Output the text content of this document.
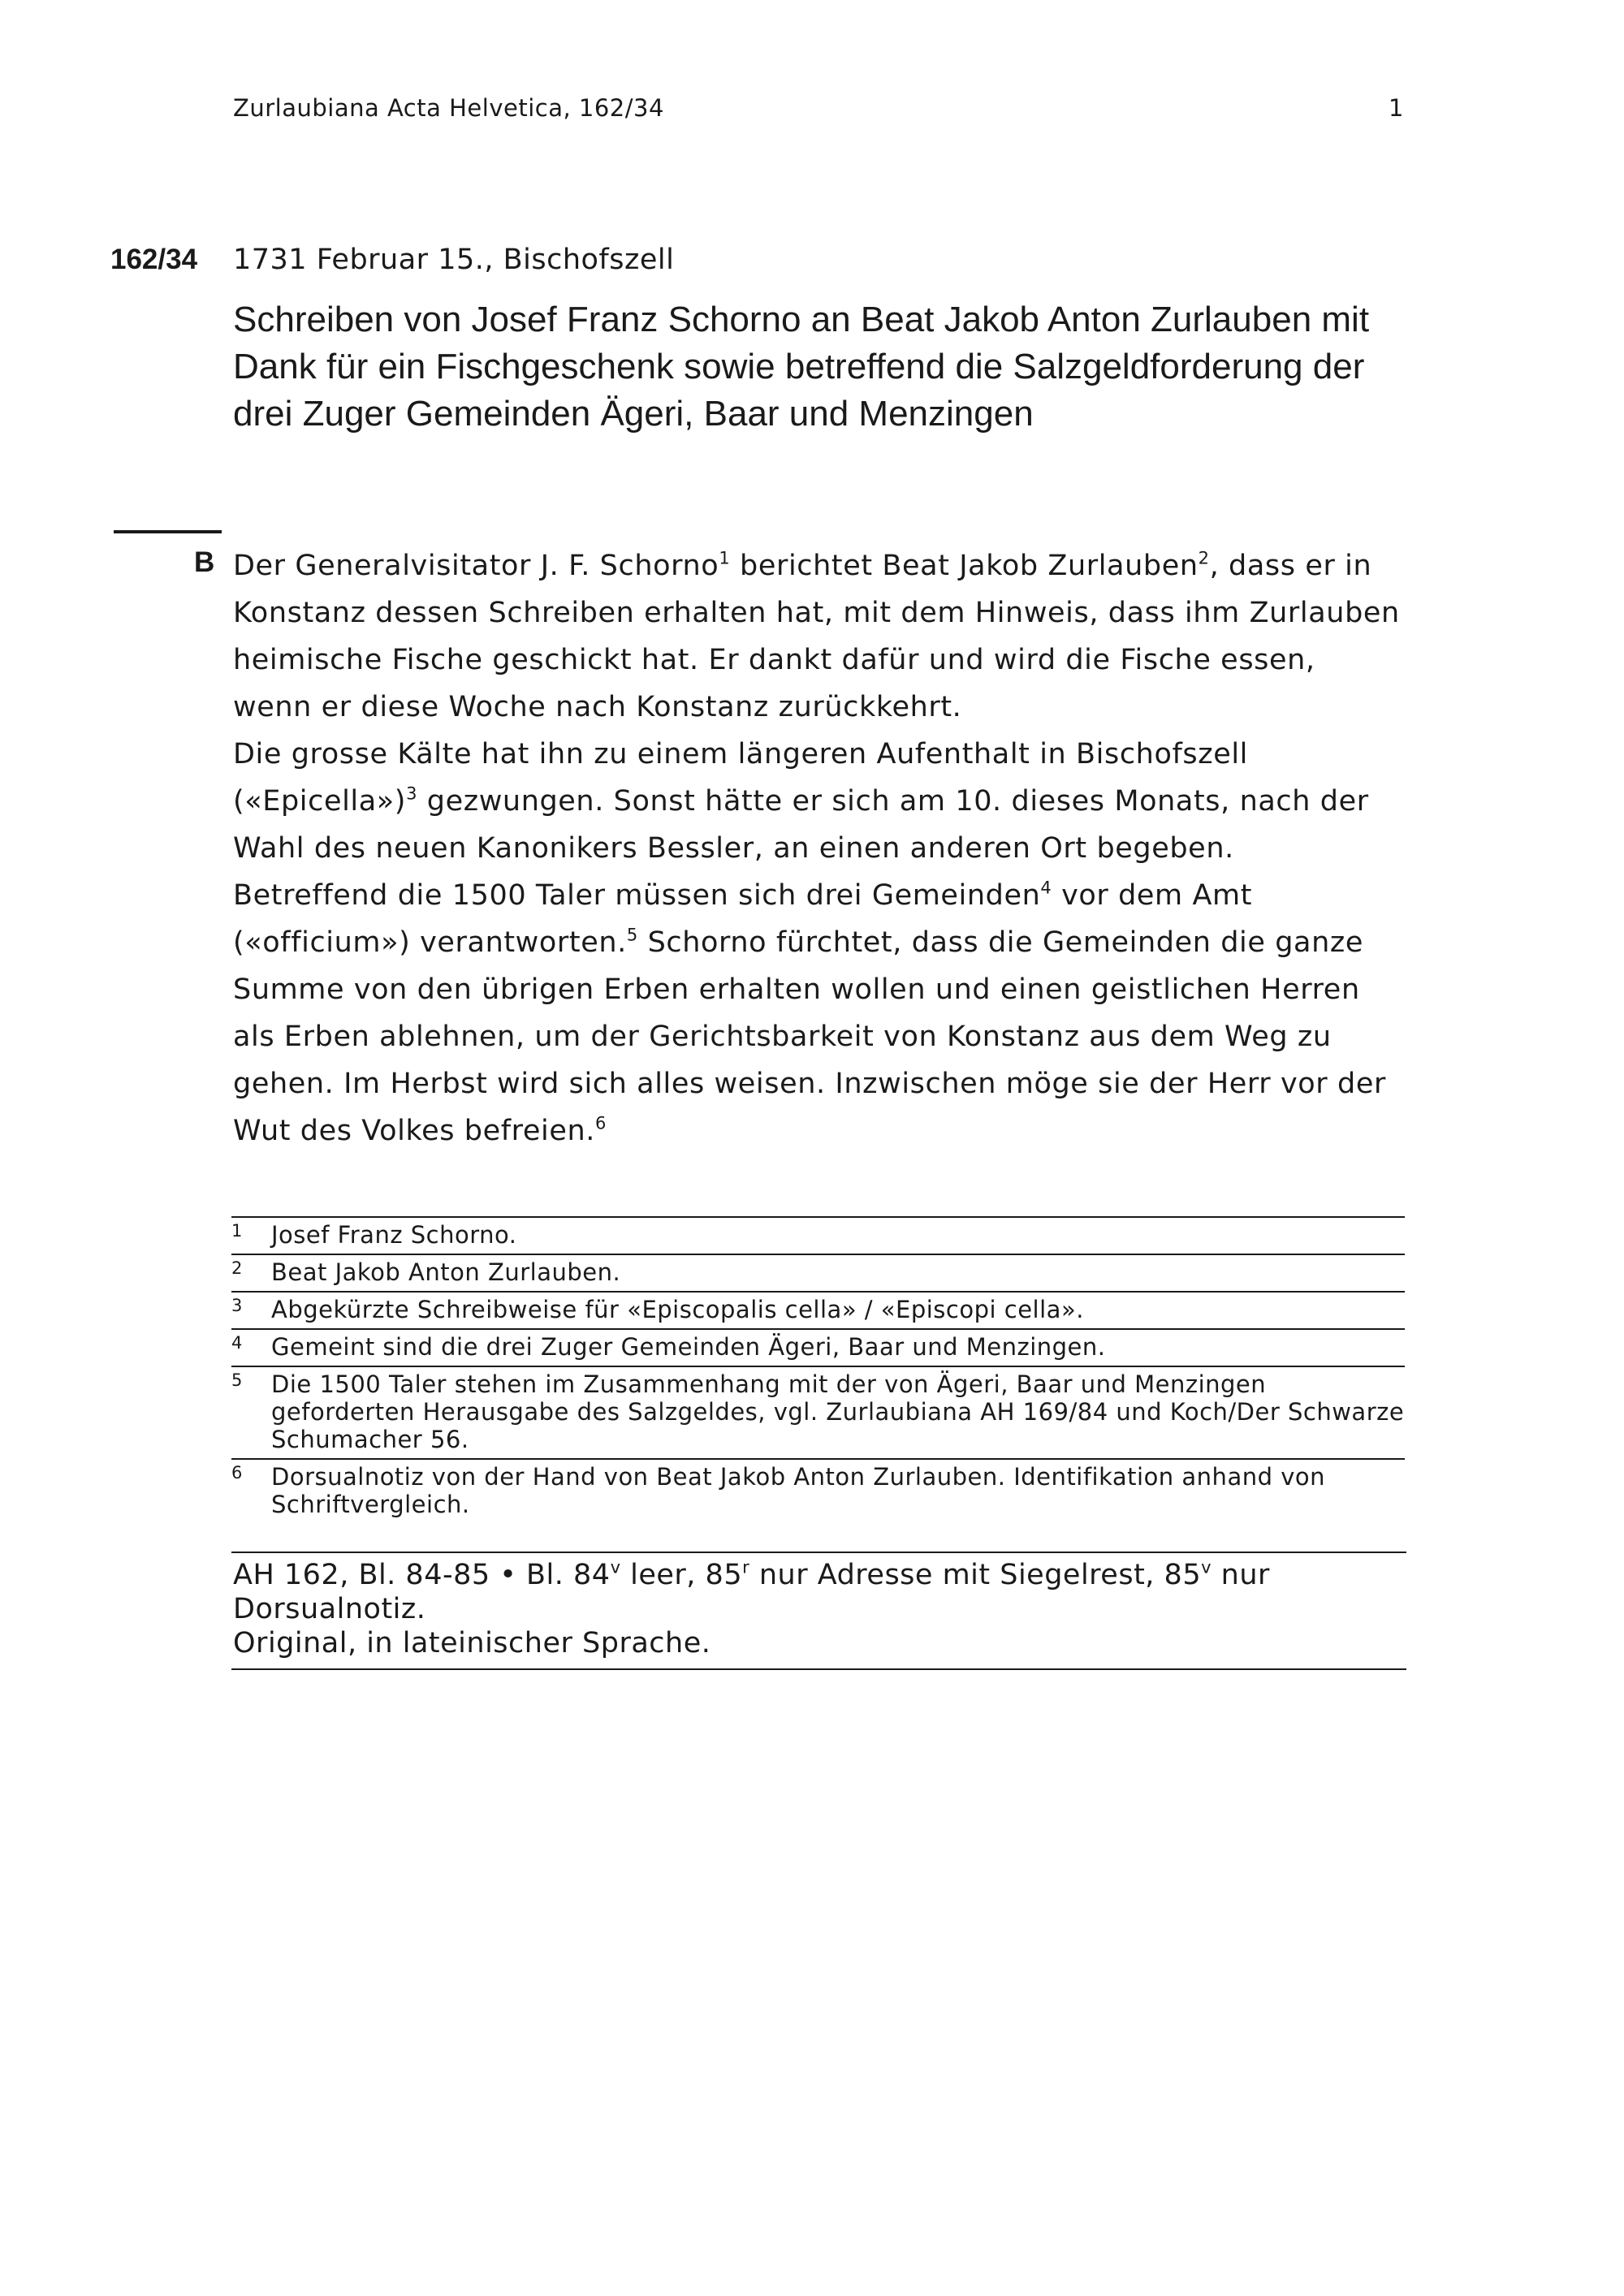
Zurlaubiana Acta Helvetica, 162/34	1
162/34 1731 Februar 15., Bischofszell
Schreiben von Josef Franz Schorno an Beat Jakob Anton Zurlauben mit Dank für ein Fischgeschenk sowie betreffend die Salzgeldforderung der drei Zuger Gemeinden Ägeri, Baar und Menzingen
B Der Generalvisitator J. F. Schorno$^1$ berichtet Beat Jakob Zurlauben$^2$, dass er in Konstanz dessen Schreiben erhalten hat, mit dem Hinweis, dass ihm Zurlauben heimische Fische geschickt hat. Er dankt dafür und wird die Fische essen, wenn er diese Woche nach Konstanz zurückkehrt.

Die grosse Kälte hat ihn zu einem längeren Aufenthalt in Bischofszell («Epicella»)$^3$ gezwungen. Sonst hätte er sich am 10. dieses Monats, nach der Wahl des neuen Kanonikers Bessler, an einen anderen Ort begeben.

Betreffend die 1500 Taler müssen sich drei Gemeinden$^4$ vor dem Amt («officium») verantworten.$^5$ Schorno fürchtet, dass die Gemeinden die ganze Summe von den übrigen Erben erhalten wollen und einen geistlichen Herren als Erben ablehnen, um der Gerichtsbarkeit von Konstanz aus dem Weg zu gehen. Im Herbst wird sich alles weisen. Inzwischen möge sie der Herr vor der Wut des Volkes befreien.$^6$

1	Josef Franz Schorno.
2	Beat Jakob Anton Zurlauben.
3	Abgekürzte Schreibweise für «Episcopalis cella» / «Episcopi cella».
4	Gemeint sind die drei Zuger Gemeinden Ägeri, Baar und Menzingen.
5	Die 1500 Taler stehen im Zusammenhang mit der von Ägeri, Baar und Menzingen geforderten Herausgabe des Salzgeldes, vgl. Zurlaubiana AH 169/84 und Koch/Der Schwarze Schumacher 56.
6	Dorsualnotiz von der Hand von Beat Jakob Anton Zurlauben. Identifikation anhand von Schriftvergleich.
AH 162, Bl. 84-85 • Bl. 84$^v$ leer, 85$^r$ nur Adresse mit Siegelrest, 85$^v$ nur Dorsualnotiz.
Original, in lateinischer Sprache.
